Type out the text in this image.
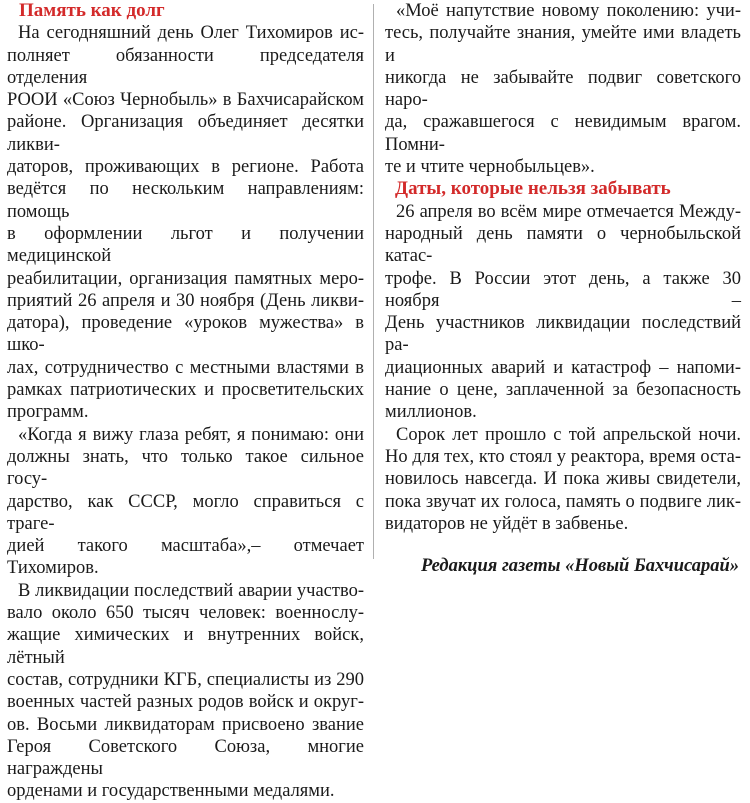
Память как долг

На сегодняшний день Олег Тихомиров ис-
полняет обязанности председателя отделения
РООИ «Союз Чернобыль» в Бахчисарайском
районе. Организация объединяет десятки ликви-
даторов, проживающих в регионе. Работа
ведётся по нескольким направлениям: помощь
в оформлении льгот и получении медицинской
реабилитации, организация памятных меро-
приятий 26 апреля и 30 ноября (День ликви-
датора), проведение «уроков мужества» в шко-
лах, сотрудничество с местными властями в
рамках патриотических и просветительских
программ.

«Когда я вижу глаза ребят, я понимаю: они
должны знать, что только такое сильное госу-
дарство, как СССР, могло справиться с траге-
дией такого масштаба»,– отмечает Тихомиров.

В ликвидации последствий аварии участво-
вало около 650 тысяч человек: военнослу-
жащие химических и внутренних войск, лётный
состав, сотрудники КГБ, специалисты из 290
военных частей разных родов войск и округ-
ов. Восьми ликвидаторам присвоено звание
Героя Советского Союза, многие награждены
орденами и государственными медалями.

«Моё напутствие новому поколению: учи-
тесь, получайте знания, умейте ими владеть и
никогда не забывайте подвиг советского наро-
да, сражавшегося с невидимым врагом. Помни-
те и чтите чернобыльцев».

Даты, которые нельзя забывать

26 апреля во всём мире отмечается Между-
народный день памяти о чернобыльской катас-
трофе. В России этот день, а также 30 ноября –
День участников ликвидации последствий ра-
диационных аварий и катастроф – напоми-
нание о цене, заплаченной за безопасность
миллионов.

Сорок лет прошло с той апрельской ночи.
Но для тех, кто стоял у реактора, время оста-
новилось навсегда. И пока живы свидетели,
пока звучат их голоса, память о подвиге лик-
видаторов не уйдёт в забвенье.

Редакция газеты «Новый Бахчисарай»
